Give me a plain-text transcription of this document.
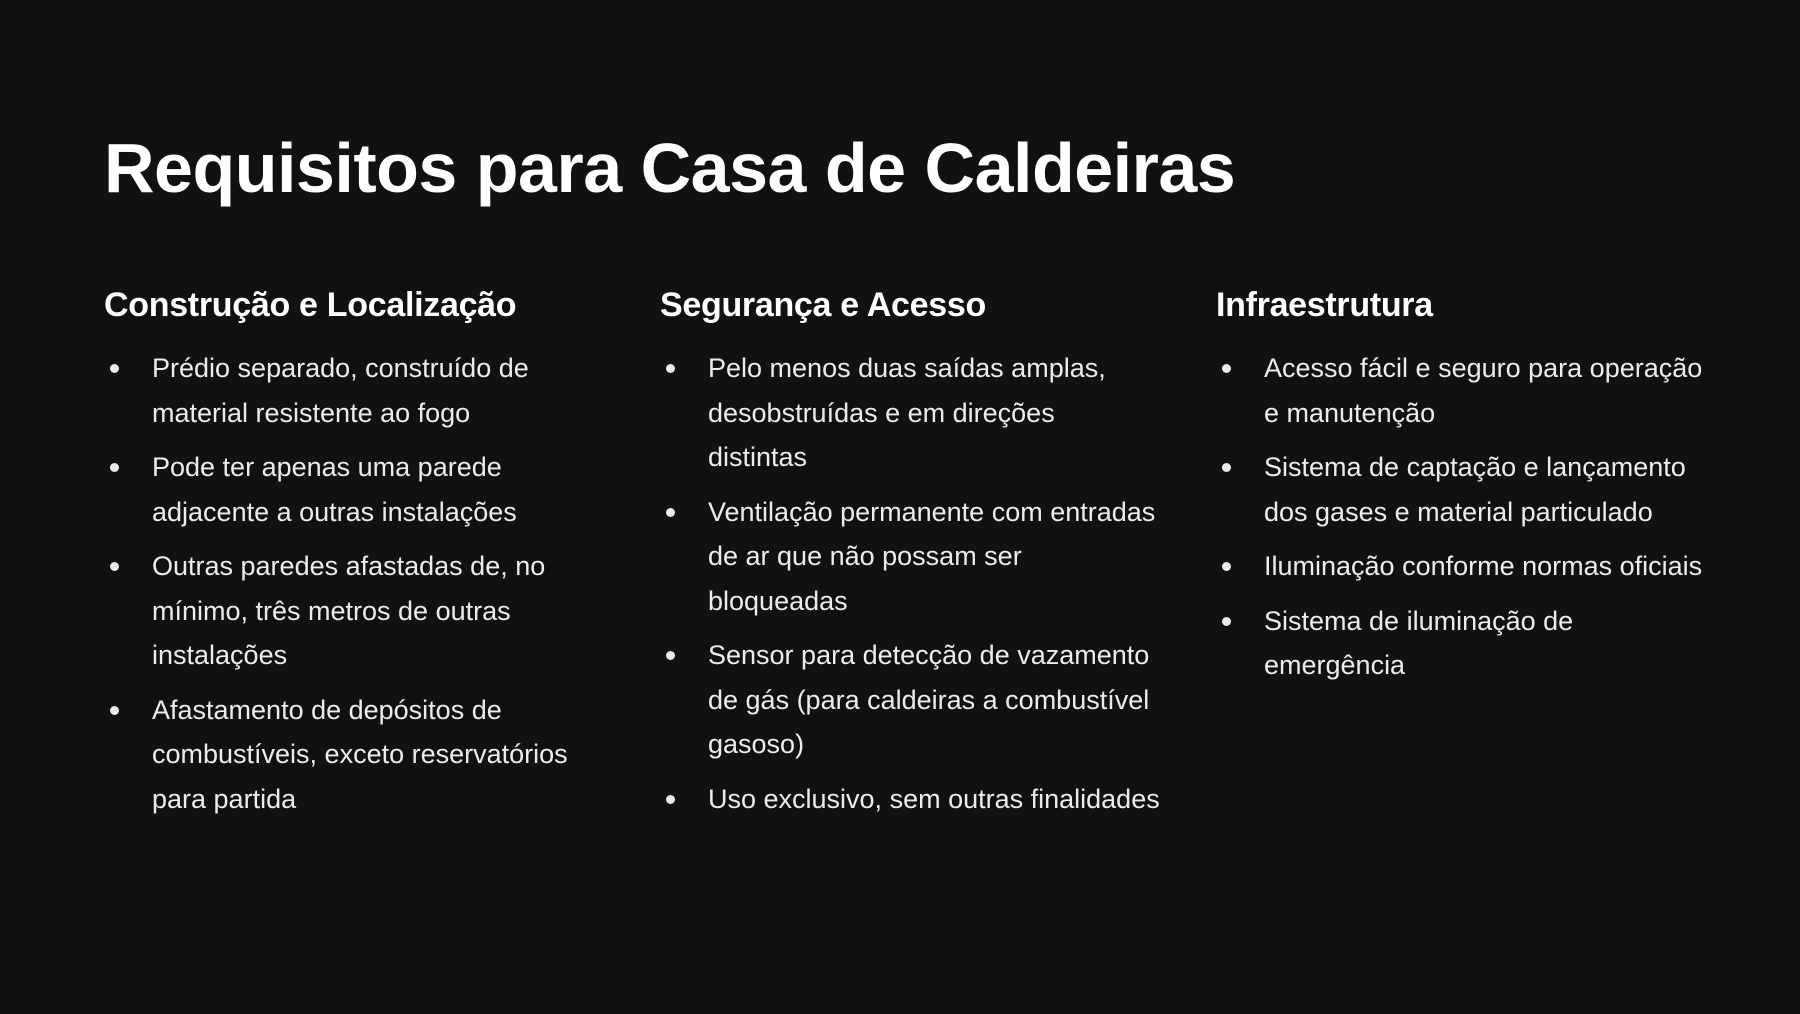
Requisitos para Casa de Caldeiras
Construção e Localização
Prédio separado, construído de material resistente ao fogo
Pode ter apenas uma parede adjacente a outras instalações
Outras paredes afastadas de, no mínimo, três metros de outras instalações
Afastamento de depósitos de combustíveis, exceto reservatórios para partida
Segurança e Acesso
Pelo menos duas saídas amplas, desobstruídas e em direções distintas
Ventilação permanente com entradas de ar que não possam ser bloqueadas
Sensor para detecção de vazamento de gás (para caldeiras a combustível gasoso)
Uso exclusivo, sem outras finalidades
Infraestrutura
Acesso fácil e seguro para operação e manutenção
Sistema de captação e lançamento dos gases e material particulado
Iluminação conforme normas oficiais
Sistema de iluminação de emergência
